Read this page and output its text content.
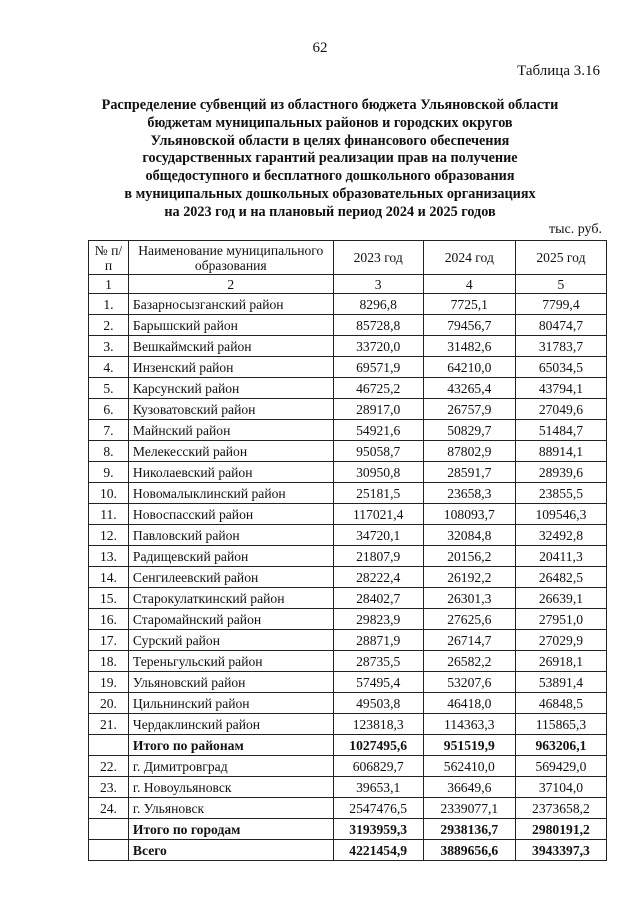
62
Таблица 3.16
Распределение субвенций из областного бюджета Ульяновской области
бюджетам муниципальных районов и городских округов
Ульяновской области в целях финансового обеспечения
государственных гарантий реализации прав на получение
общедоступного и бесплатного дошкольного образования
в муниципальных дошкольных образовательных организациях
на 2023 год и на плановый период 2024 и 2025 годов
тыс. руб.
№ п/п	Наименование муниципального образования	2023 год	2024 год	2025 год
1	2	3	4	5
1.	Базарносызганский район	8296,8	7725,1	7799,4
2.	Барышский район	85728,8	79456,7	80474,7
3.	Вешкаймский район	33720,0	31482,6	31783,7
4.	Инзенский район	69571,9	64210,0	65034,5
5.	Карсунский район	46725,2	43265,4	43794,1
6.	Кузоватовский район	28917,0	26757,9	27049,6
7.	Майнский район	54921,6	50829,7	51484,7
8.	Мелекесский район	95058,7	87802,9	88914,1
9.	Николаевский район	30950,8	28591,7	28939,6
10.	Новомалыклинский район	25181,5	23658,3	23855,5
11.	Новоспасский район	117021,4	108093,7	109546,3
12.	Павловский район	34720,1	32084,8	32492,8
13.	Радищевский район	21807,9	20156,2	20411,3
14.	Сенгилеевский район	28222,4	26192,2	26482,5
15.	Старокулаткинский район	28402,7	26301,3	26639,1
16.	Старомайнский район	29823,9	27625,6	27951,0
17.	Сурский район	28871,9	26714,7	27029,9
18.	Тереньгульский район	28735,5	26582,2	26918,1
19.	Ульяновский район	57495,4	53207,6	53891,4
20.	Цильнинский район	49503,8	46418,0	46848,5
21.	Чердаклинский район	123818,3	114363,3	115865,3
	Итого по районам	1027495,6	951519,9	963206,1
22.	г. Димитровград	606829,7	562410,0	569429,0
23.	г. Новоульяновск	39653,1	36649,6	37104,0
24.	г. Ульяновск	2547476,5	2339077,1	2373658,2
	Итого по городам	3193959,3	2938136,7	2980191,2
	Всего	4221454,9	3889656,6	3943397,3
